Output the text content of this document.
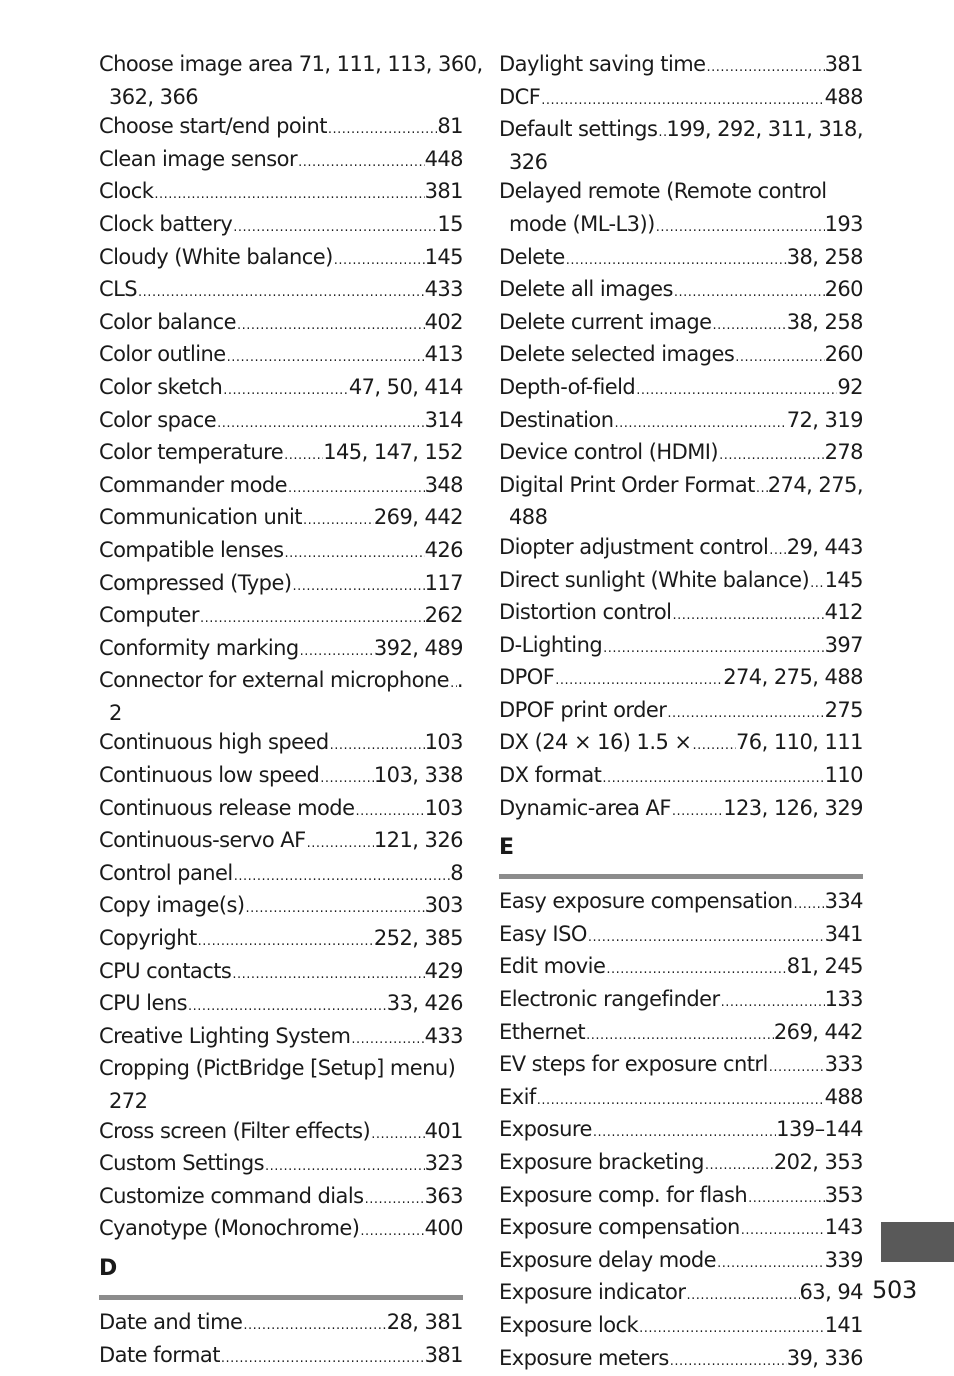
Choose image area 71, 111, 113, 360,
362, 366
Choose start/end point .....	81
Clean image sensor .....	448
Clock .....	381
Clock battery .....	15
Cloudy (White balance) .....	145
CLS .....	433
Color balance .....	402
Color outline .....	413
Color sketch .....	47, 50, 414
Color space .....	314
Color temperature ..... 145, 147, 152
Commander mode .....	348
Communication unit .....	269, 442
Compatible lenses .....	426
Compressed (Type) .....	117
Computer .....	262
Conformity marking .....	392, 489
Connector for external microphone ..... .
2
Continuous high speed .....	103
Continuous low speed .....	103, 338
Continuous release mode .....	103
Continuous-servo AF .....	121, 326
Control panel .....	8
Copy image(s) .....	303
Copyright .....	252, 385
CPU contacts .....	429
CPU lens .....	33, 426
Creative Lighting System .....	433
Cropping (PictBridge [Setup] menu)
272
Cross screen (Filter effects) .....	401
Custom Settings .....	323
Customize command dials .....	363
Cyanotype (Monochrome) .....	400
D
Date and time .....	28, 381
Date format .....	381
Daylight saving time .....	381
DCF .....	488
Default settings ..... 199, 292, 311, 318,
326
Delayed remote (Remote control
mode (ML-L3)) .....	193
Delete .....	38, 258
Delete all images .....	260
Delete current image .....	38, 258
Delete selected images .....	260
Depth-of-field .....	92
Destination .....	72, 319
Device control (HDMI) .....	278
Digital Print Order Format ..... 274, 275,
488
Diopter adjustment control ..... 29, 443
Direct sunlight (White balance) ..... 145
Distortion control .....	412
D-Lighting .....	397
DPOF .....	274, 275, 488
DPOF print order .....	275
DX (24 × 16) 1.5 × ..... 76, 110, 111
DX format .....	110
Dynamic-area AF ..... 123, 126, 329
E
Easy exposure compensation ..... 334
Easy ISO .....	341
Edit movie .....	81, 245
Electronic rangefinder .....	133
Ethernet .....	269, 442
EV steps for exposure cntrl .....	333
Exif .....	488
Exposure .....	139–144
Exposure bracketing .....	202, 353
Exposure comp. for flash .....	353
Exposure compensation .....	143
Exposure delay mode .....	339
Exposure indicator .....	63, 94
Exposure lock .....	141
Exposure meters .....	39, 336
503
